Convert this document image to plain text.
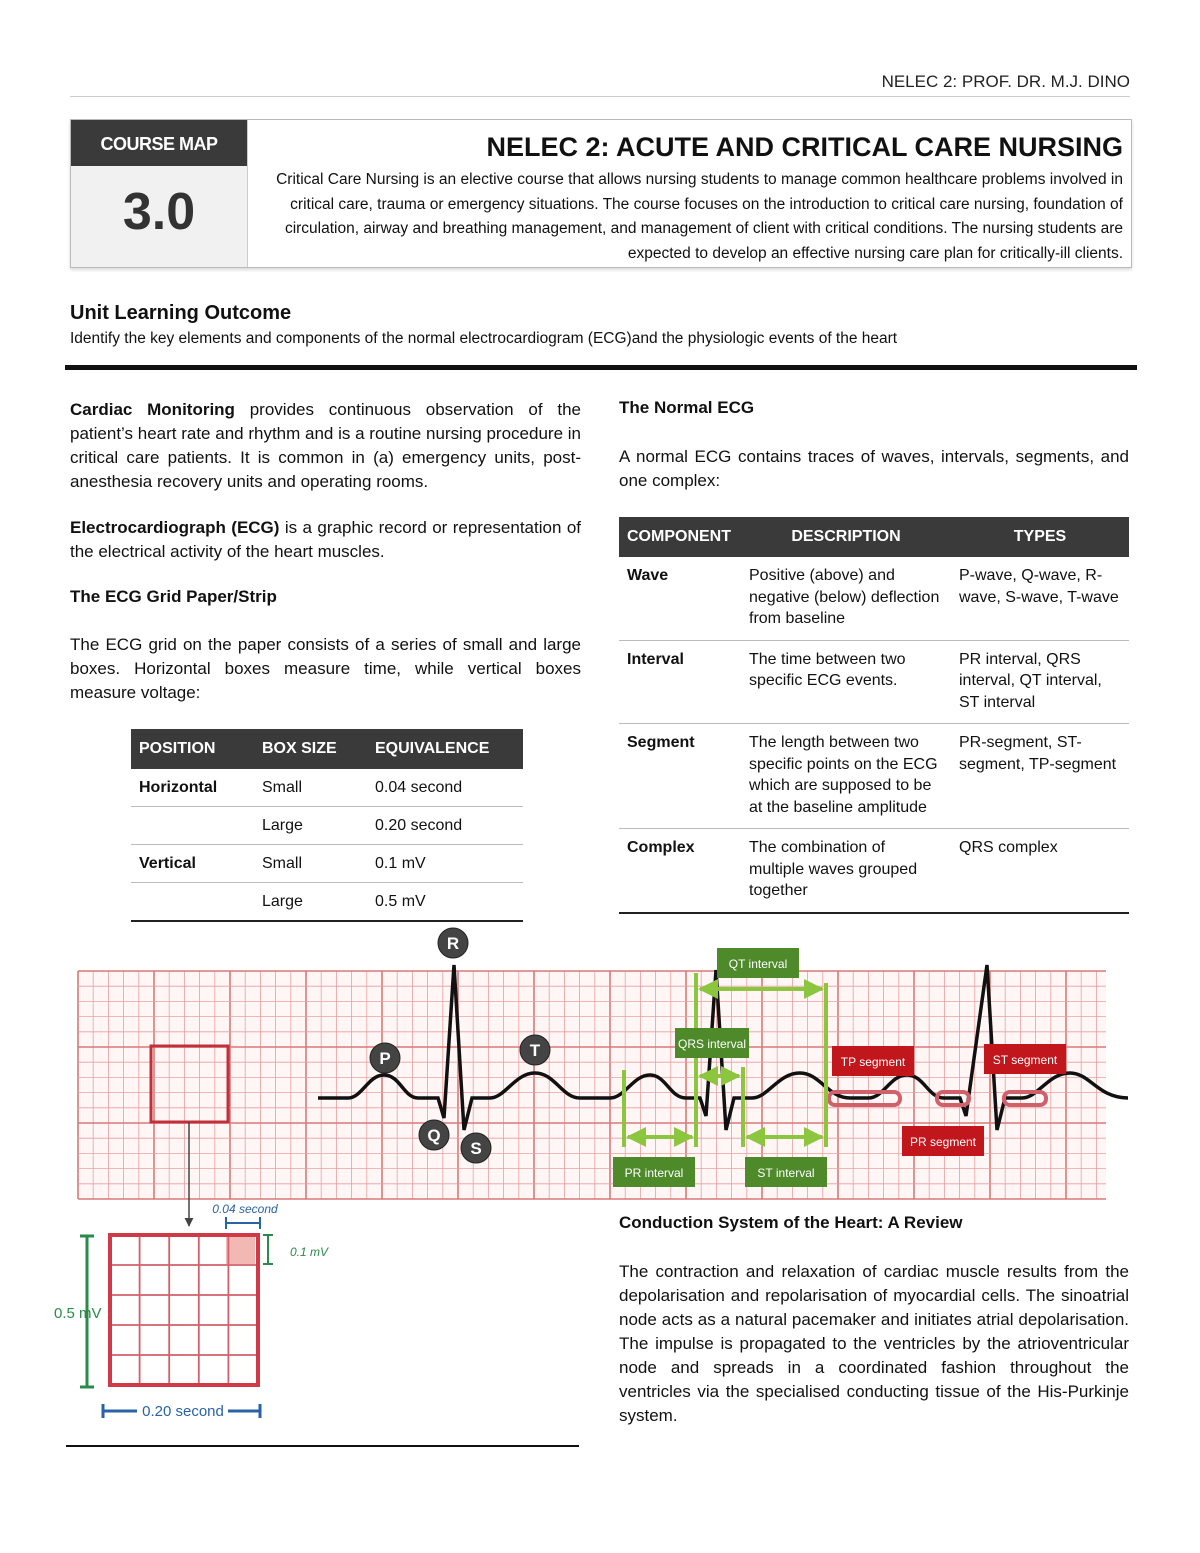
NELEC 2: PROF. DR. M.J. DINO
COURSE MAP
3.0
NELEC 2: ACUTE AND CRITICAL CARE NURSING
Critical Care Nursing is an elective course that allows nursing students to manage common healthcare problems involved in critical care, trauma or emergency situations. The course focuses on the introduction to critical care nursing, foundation of circulation, airway and breathing management, and management of client with critical conditions. The nursing students are expected to develop an effective nursing care plan for critically-ill clients.
Unit Learning Outcome
Identify the key elements and components of the normal electrocardiogram (ECG)and the physiologic events of the heart
Cardiac Monitoring provides continuous observation of the patient’s heart rate and rhythm and is a routine nursing procedure in critical care patients. It is common in (a) emergency units, post-anesthesia recovery units and operating rooms.
Electrocardiograph (ECG) is a graphic record or representation of the electrical activity of the heart muscles.
The ECG Grid Paper/Strip
The ECG grid on the paper consists of a series of small and large boxes. Horizontal boxes measure time, while vertical boxes measure voltage:
POSITION	BOX SIZE	EQUIVALENCE
Horizontal	Small	0.04 second
	Large	0.20 second
Vertical	Small	0.1 mV
	Large	0.5 mV
The Normal ECG
A normal ECG contains traces of waves, intervals, segments, and one complex:
COMPONENT	DESCRIPTION	TYPES
Wave	Positive (above) and negative (below) deflection from baseline	P-wave, Q-wave, R-wave, S-wave, T-wave
Interval	The time between two specific ECG events.	PR interval, QRS interval, QT interval, ST interval
Segment	The length between two specific points on the ECG which are supposed to be at the baseline amplitude	PR-segment, ST-segment, TP-segment
Complex	The combination of multiple waves grouped together	QRS complex
QT interval
QRS interval
PR interval	ST interval
TP segment	ST segment
PR segment
R
P	T
Q
S
0.04 second
0.1 mV
0.5 mV
0.20 second
Conduction System of the Heart: A Review
The contraction and relaxation of cardiac muscle results from the depolarisation and repolarisation of myocardial cells. The sinoatrial node acts as a natural pacemaker and initiates atrial depolarisation. The impulse is propagated to the ventricles by the atrioventricular node and spreads in a coordinated fashion throughout the ventricles via the specialised conducting tissue of the His-Purkinje system.
